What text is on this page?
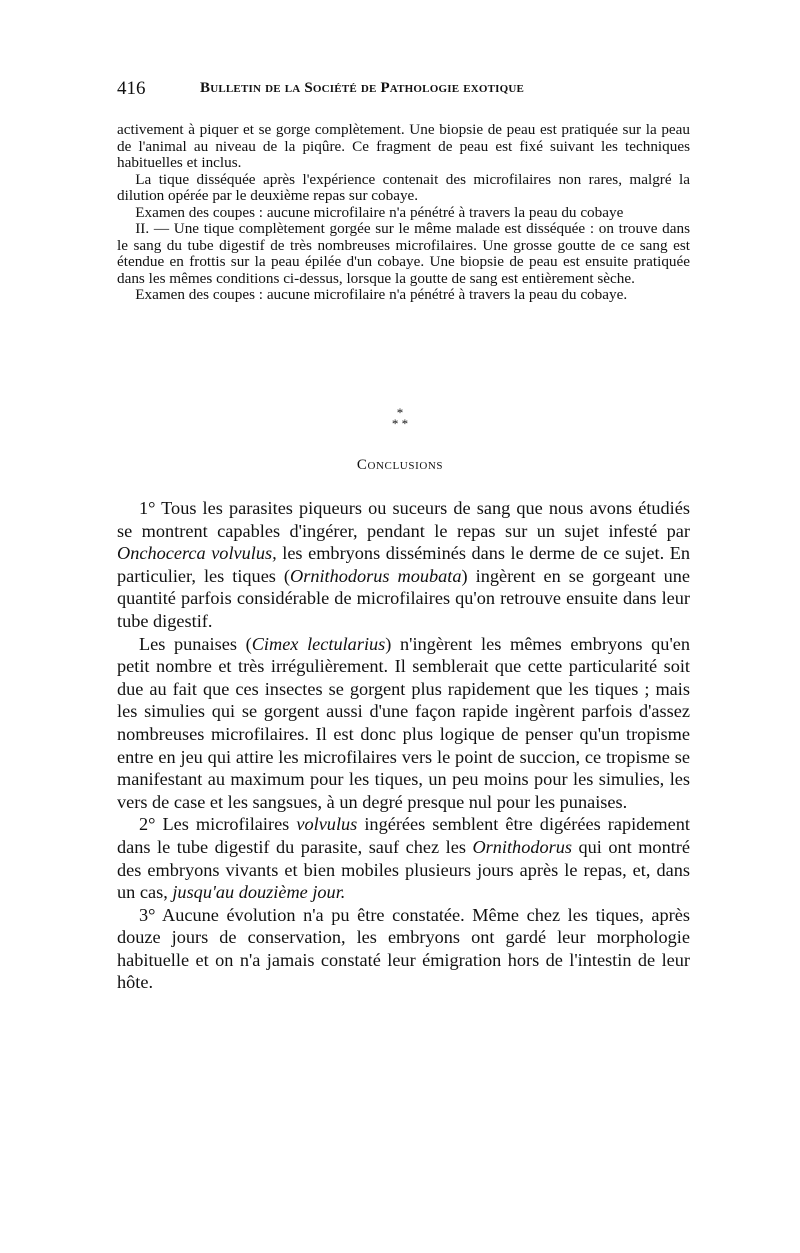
416	Bulletin de la Société de Pathologie exotique

activement à piquer et se gorge complètement. Une biopsie de peau est pratiquée sur la peau de l'animal au niveau de la piqûre. Ce fragment de peau est fixé suivant les techniques habituelles et inclus.

La tique disséquée après l'expérience contenait des microfilaires non rares, malgré la dilution opérée par le deuxième repas sur cobaye.

Examen des coupes : aucune microfilaire n'a pénétré à travers la peau du cobaye

II. — Une tique complètement gorgée sur le même malade est disséquée : on trouve dans le sang du tube digestif de très nombreuses microfilaires. Une grosse goutte de ce sang est étendue en frottis sur la peau épilée d'un cobaye. Une biopsie de peau est ensuite pratiquée dans les mêmes conditions ci-dessus, lorsque la goutte de sang est entièrement sèche.

Examen des coupes : aucune microfilaire n'a pénétré à travers la peau du cobaye.

*
* *
Conclusions

1° Tous les parasites piqueurs ou suceurs de sang que nous avons étudiés se montrent capables d'ingérer, pendant le repas sur un sujet infesté par Onchocerca volvulus, les embryons disséminés dans le derme de ce sujet. En particulier, les tiques (Ornithodorus moubata) ingèrent en se gorgeant une quantité parfois considérable de microfilaires qu'on retrouve ensuite dans leur tube digestif.

Les punaises (Cimex lectularius) n'ingèrent les mêmes embryons qu'en petit nombre et très irrégulièrement. Il semblerait que cette particularité soit due au fait que ces insectes se gorgent plus rapidement que les tiques ; mais les simulies qui se gorgent aussi d'une façon rapide ingèrent parfois d'assez nombreuses microfilaires. Il est donc plus logique de penser qu'un tropisme entre en jeu qui attire les microfilaires vers le point de succion, ce tropisme se manifestant au maximum pour les tiques, un peu moins pour les simulies, les vers de case et les sangsues, à un degré presque nul pour les punaises.

2° Les microfilaires volvulus ingérées semblent être digérées rapidement dans le tube digestif du parasite, sauf chez les Ornithodorus qui ont montré des embryons vivants et bien mobiles plusieurs jours après le repas, et, dans un cas, jusqu'au douzième jour.

3° Aucune évolution n'a pu être constatée. Même chez les tiques, après douze jours de conservation, les embryons ont gardé leur morphologie habituelle et on n'a jamais constaté leur émigration hors de l'intestin de leur hôte.
